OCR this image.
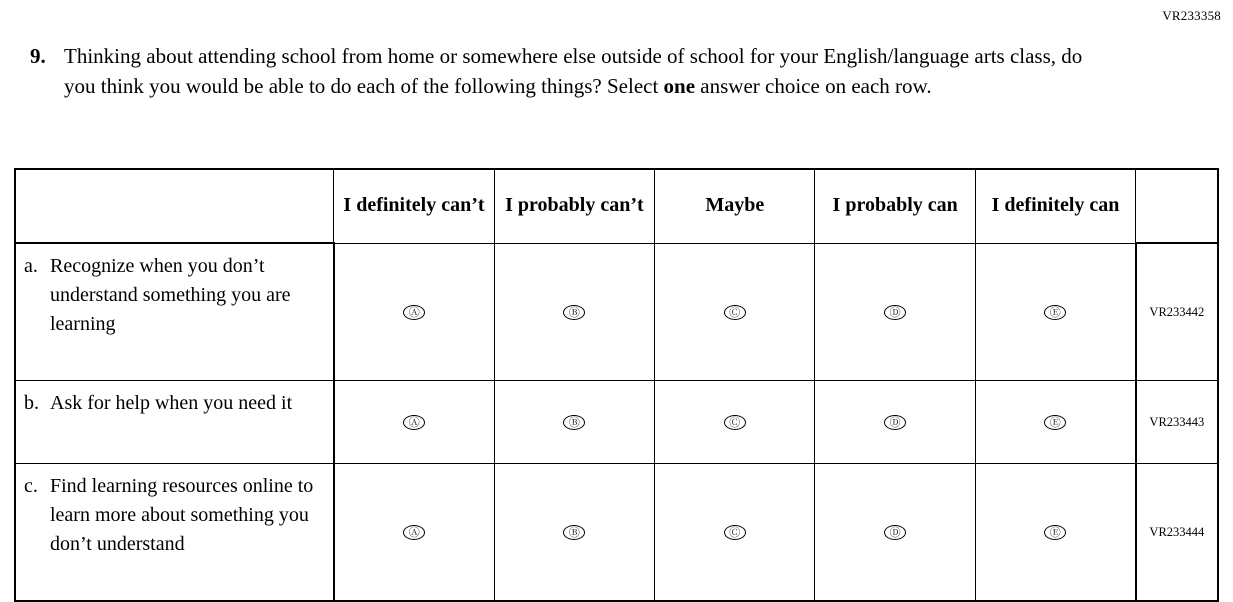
VR233358
9. Thinking about attending school from home or somewhere else outside of school for your English/language arts class, do you think you would be able to do each of the following things? Select one answer choice on each row.
	I definitely can’t	I probably can’t	Maybe	I probably can	I definitely can	

a. Recognize when you don’t understand something you are learning	Ⓐ	Ⓑ	Ⓒ	Ⓓ	Ⓔ	VR233442

b. Ask for help when you need it	Ⓐ	Ⓑ	Ⓒ	Ⓓ	Ⓔ	VR233443

c. Find learning resources online to learn more about something you don’t understand	Ⓐ	Ⓑ	Ⓒ	Ⓓ	Ⓔ	VR233444
